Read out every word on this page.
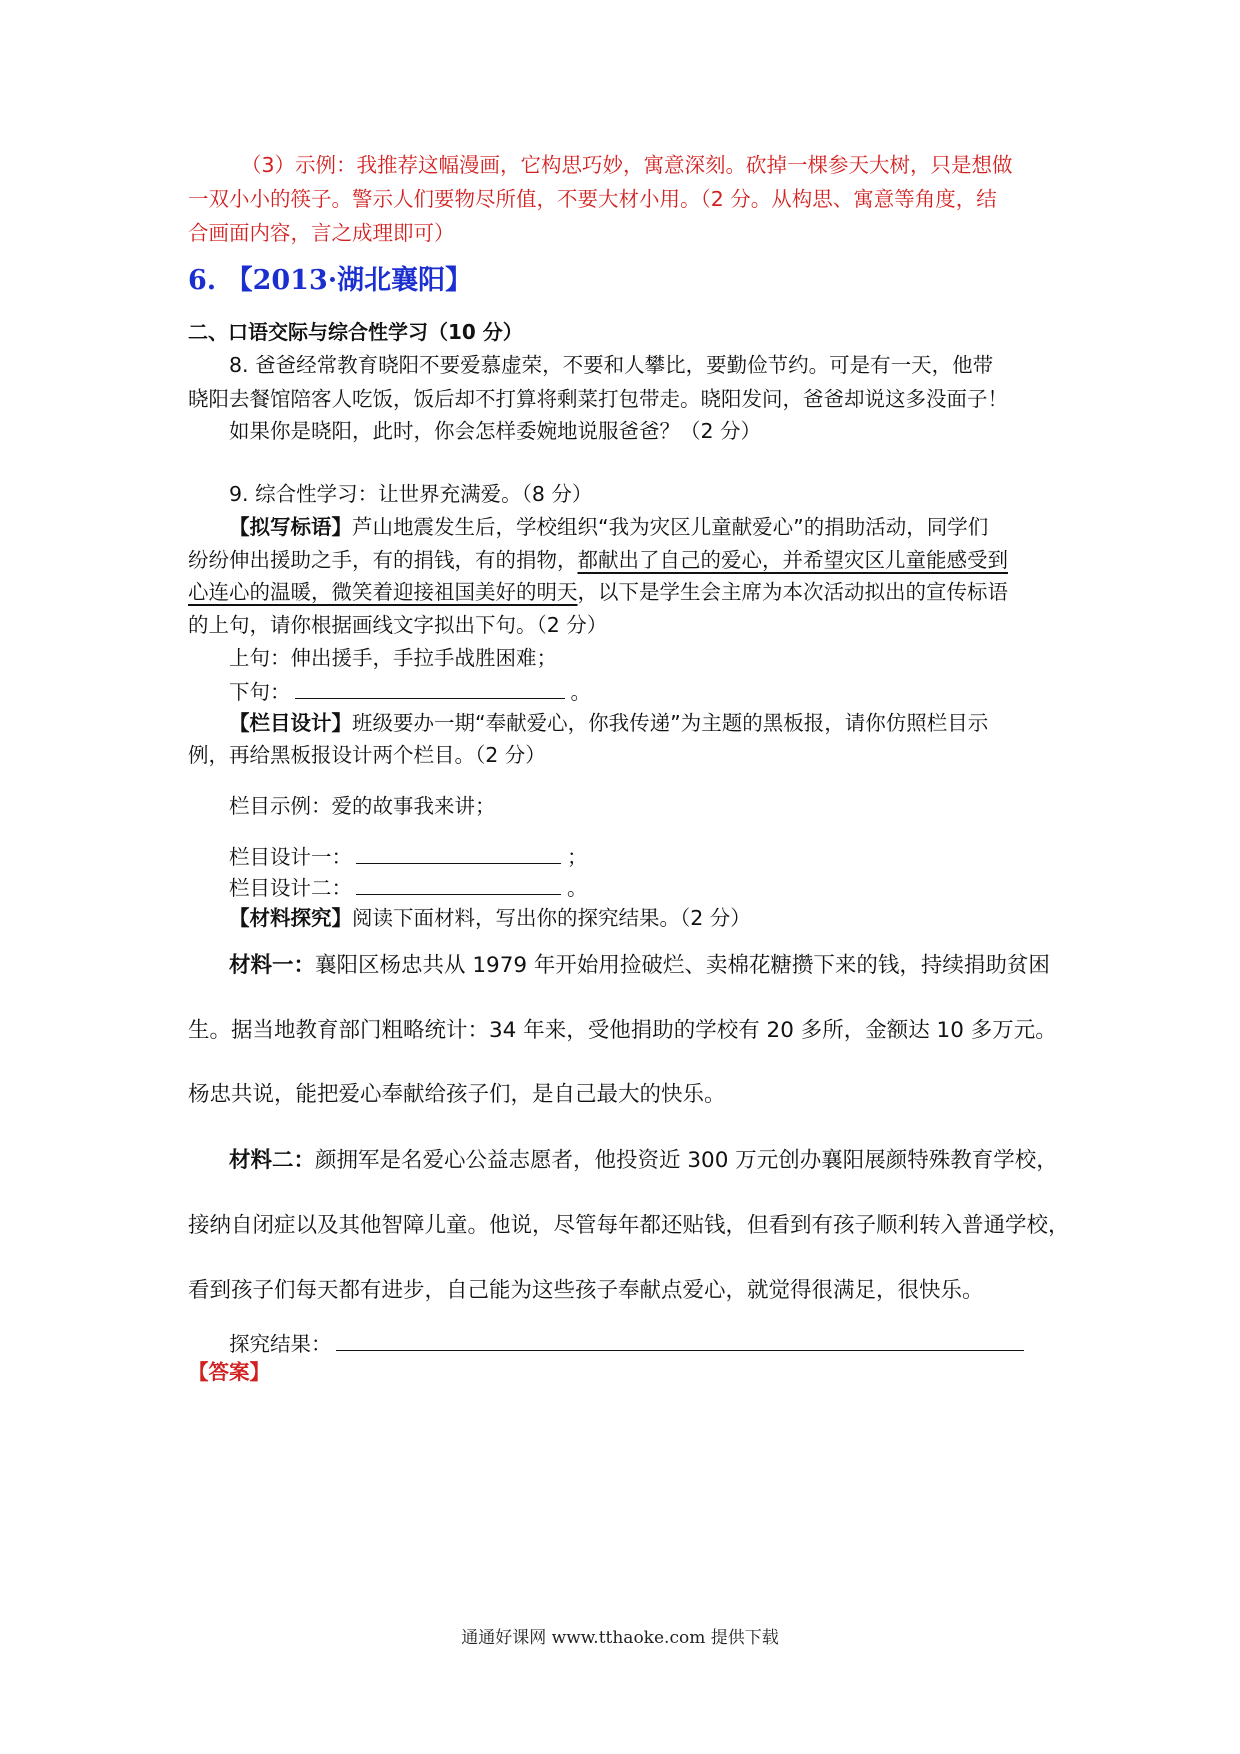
（3）示例：我推荐这幅漫画，它构思巧妙，寓意深刻。砍掉一棵参天大树，只是想做
一双小小的筷子。警示人们要物尽所值，不要大材小用。（2 分。从构思、寓意等角度，结
合画面内容，言之成理即可）
6. 【2013·湖北襄阳】
二、口语交际与综合性学习（10 分）
8. 爸爸经常教育晓阳不要爱慕虚荣，不要和人攀比，要勤俭节约。可是有一天，他带
晓阳去餐馆陪客人吃饭，饭后却不打算将剩菜打包带走。晓阳发问，爸爸却说这多没面子！
如果你是晓阳，此时，你会怎样委婉地说服爸爸？（2 分）
9. 综合性学习：让世界充满爱。（8 分）
【拟写标语】芦山地震发生后，学校组织“我为灾区儿童献爱心”的捐助活动，同学们
纷纷伸出援助之手，有的捐钱，有的捐物，都献出了自己的爱心，并希望灾区儿童能感受到
心连心的温暖，微笑着迎接祖国美好的明天，以下是学生会主席为本次活动拟出的宣传标语
的上句，请你根据画线文字拟出下句。（2 分）
上句：伸出援手，手拉手战胜困难；
下句：	。
【栏目设计】班级要办一期“奉献爱心，你我传递”为主题的黑板报，请你仿照栏目示
例，再给黑板报设计两个栏目。（2 分）
栏目示例：爱的故事我来讲；
栏目设计一：	；
栏目设计二：	。
【材料探究】阅读下面材料，写出你的探究结果。（2 分）
材料一：襄阳区杨忠共从 1979 年开始用捡破烂、卖棉花糖攒下来的钱，持续捐助贫困
生。据当地教育部门粗略统计：34 年来，受他捐助的学校有 20 多所，金额达 10 多万元。
杨忠共说，能把爱心奉献给孩子们，是自己最大的快乐。
材料二：颜拥军是名爱心公益志愿者，他投资近 300 万元创办襄阳展颜特殊教育学校，
接纳自闭症以及其他智障儿童。他说，尽管每年都还贴钱，但看到有孩子顺利转入普通学校，
看到孩子们每天都有进步，自己能为这些孩子奉献点爱心，就觉得很满足，很快乐。
探究结果：
【答案】
通通好课网 www.tthaoke.com 提供下载
